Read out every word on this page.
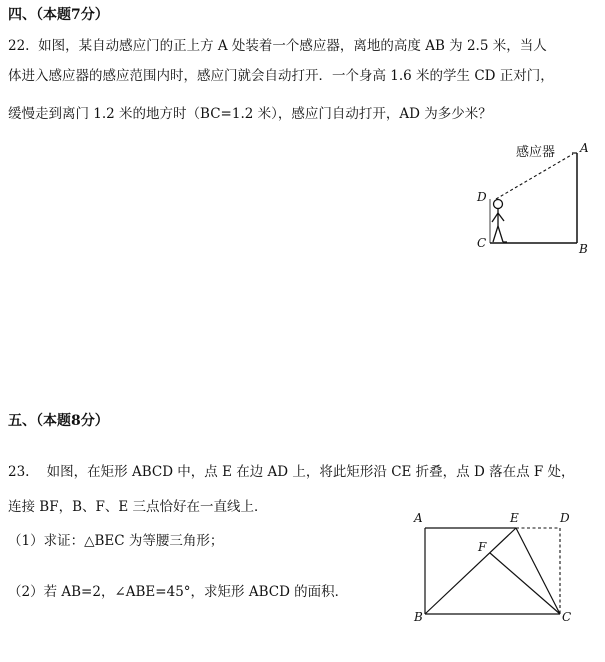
四、（本题7分）
22. 如图，某自动感应门的正上方 A 处装着一个感应器，离地的高度 AB 为 2.5 米，当人
体进入感应器的感应范围内时，感应门就会自动打开．一个身高 1.6 米的学生 CD 正对门，
缓慢走到离门 1.2 米的地方时（BC=1.2 米），感应门自动打开，AD 为多少米？
感应器 A
D
C	B
五、（本题8分）
23. 如图，在矩形 ABCD 中，点 E 在边 AD 上，将此矩形沿 CE 折叠，点 D 落在点 F 处，
连接 BF，B、F、E 三点恰好在一直线上．
（1）求证：△BEC 为等腰三角形；
（2）若 AB=2，∠ABE=45°，求矩形 ABCD 的面积．
A	E	D
F
B	C
